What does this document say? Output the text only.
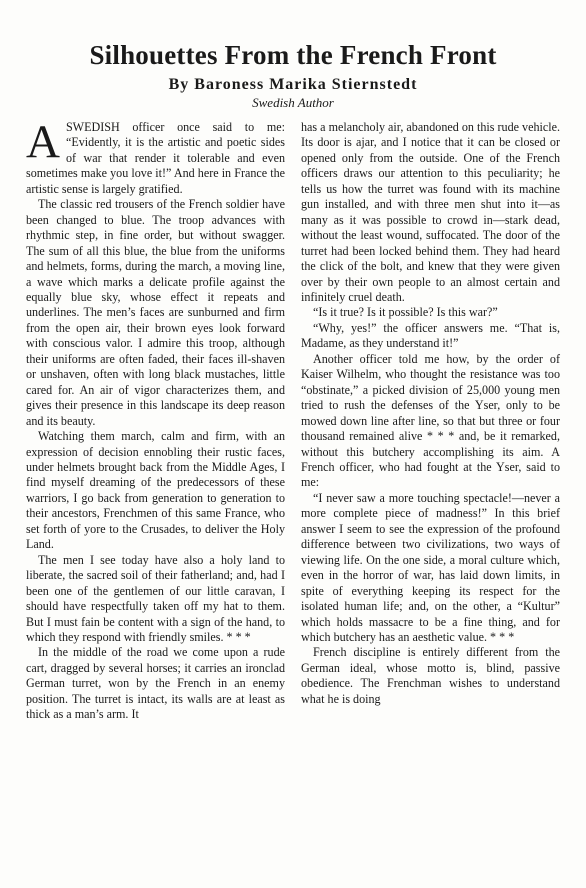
Silhouettes From the French Front
By Baroness Marika Stiernstedt
Swedish Author

ASWEDISH officer once said to me: “Evidently, it is the artistic and poetic sides of war that render it tolerable and even sometimes make you love it!” And here in France the artistic sense is largely gratified.

The classic red trousers of the French soldier have been changed to blue. The troop advances with rhythmic step, in fine order, but without swagger. The sum of all this blue, the blue from the uniforms and helmets, forms, during the march, a moving line, a wave which marks a delicate profile against the equally blue sky, whose effect it repeats and underlines. The men’s faces are sunburned and firm from the open air, their brown eyes look forward with conscious valor. I admire this troop, although their uniforms are often faded, their faces ill-shaven or unshaven, often with long black mustaches, little cared for. An air of vigor characterizes them, and gives their presence in this landscape its deep reason and its beauty.

Watching them march, calm and firm, with an expression of decision ennobling their rustic faces, under helmets brought back from the Middle Ages, I find myself dreaming of the predecessors of these warriors, I go back from generation to generation to their ancestors, Frenchmen of this same France, who set forth of yore to the Crusades, to deliver the Holy Land.

The men I see today have also a holy land to liberate, the sacred soil of their fatherland; and, had I been one of the gentlemen of our little caravan, I should have respectfully taken off my hat to them. But I must fain be content with a sign of the hand, to which they respond with friendly smiles. * * *

In the middle of the road we come upon a rude cart, dragged by several horses; it carries an ironclad German turret, won by the French in an enemy position. The turret is intact, its walls are at least as thick as a man’s arm. It

has a melancholy air, abandoned on this rude vehicle. Its door is ajar, and I notice that it can be closed or opened only from the outside. One of the French officers draws our attention to this peculiarity; he tells us how the turret was found with its machine gun installed, and with three men shut into it—as many as it was possible to crowd in—stark dead, without the least wound, suffocated. The door of the turret had been locked behind them. They had heard the click of the bolt, and knew that they were given over by their own people to an almost certain and infinitely cruel death.

“Is it true? Is it possible? Is this war?”

“Why, yes!” the officer answers me. “That is, Madame, as they understand it!”

Another officer told me how, by the order of Kaiser Wilhelm, who thought the resistance was too “obstinate,” a picked division of 25,000 young men tried to rush the defenses of the Yser, only to be mowed down line after line, so that but three or four thousand remained alive * * * and, be it remarked, without this butchery accomplishing its aim. A French officer, who had fought at the Yser, said to me:

“I never saw a more touching spectacle!—never a more complete piece of madness!” In this brief answer I seem to see the expression of the profound difference between two civilizations, two ways of viewing life. On the one side, a moral culture which, even in the horror of war, has laid down limits, in spite of everything keeping its respect for the isolated human life; and, on the other, a “Kultur” which holds massacre to be a fine thing, and for which butchery has an aesthetic value. * * *

French discipline is entirely different from the German ideal, whose motto is, blind, passive obedience. The Frenchman wishes to understand what he is doing
